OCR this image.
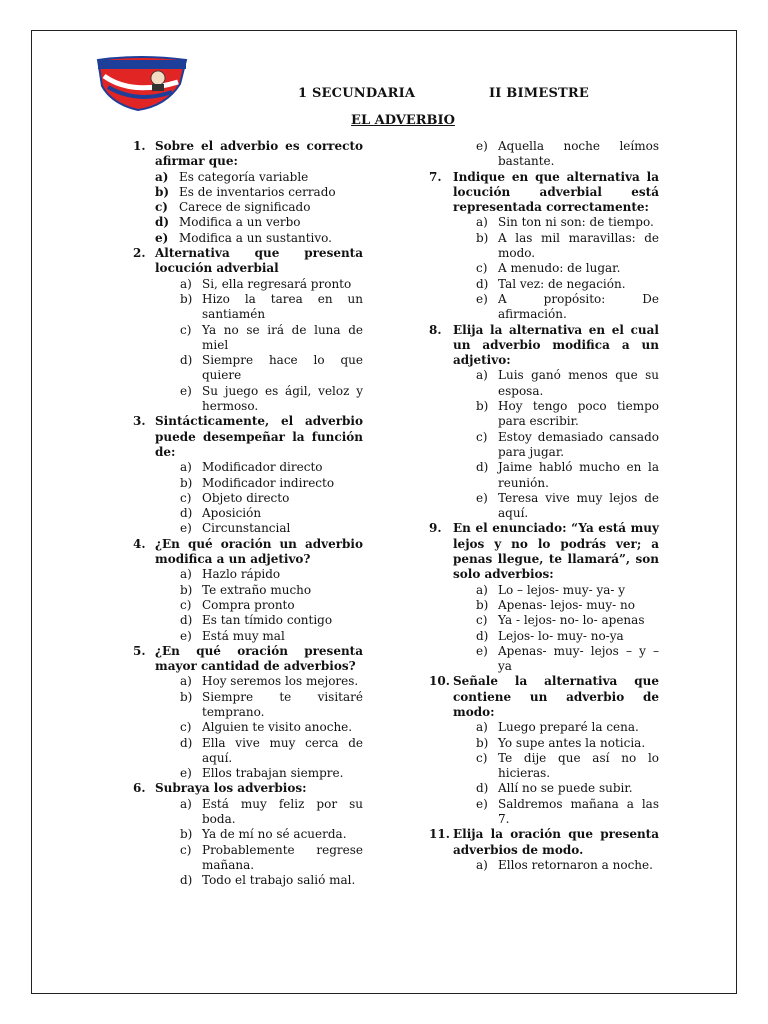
1 SECUNDARIA	II BIMESTRE
EL ADVERBIO
1. Sobre el adverbio es correcto afirmar que:
a) Es categoría variable
b) Es de inventarios cerrado
c) Carece de significado
d) Modifica a un verbo
e) Modifica a un sustantivo.
2. Alternativa que presenta locución adverbial
a) Si, ella regresará pronto
b) Hizo la tarea en un santiamén
c) Ya no se irá de luna de miel
d) Siempre hace lo que quiere
e) Su juego es ágil, veloz y hermoso.
3. Sintácticamente, el adverbio puede desempeñar la función de:
a) Modificador directo
b) Modificador indirecto
c) Objeto directo
d) Aposición
e) Circunstancial
4. ¿En qué oración un adverbio modifica a un adjetivo?
a) Hazlo rápido
b) Te extraño mucho
c) Compra pronto
d) Es tan tímido contigo
e) Está muy mal
5. ¿En qué oración presenta mayor cantidad de adverbios?
a) Hoy seremos los mejores.
b) Siempre te visitaré temprano.
c) Alguien te visito anoche.
d) Ella vive muy cerca de aquí.
e) Ellos trabajan siempre.
6. Subraya los adverbios:
a) Está muy feliz por su boda.
b) Ya de mí no sé acuerda.
c) Probablemente regrese mañana.
d) Todo el trabajo salió mal.
e) Aquella noche leímos bastante.
7. Indique en que alternativa la locución adverbial está representada correctamente:
a) Sin ton ni son: de tiempo.
b) A las mil maravillas: de modo.
c) A menudo: de lugar.
d) Tal vez: de negación.
e) A propósito: De afirmación.
8. Elija la alternativa en el cual un adverbio modifica a un adjetivo:
a) Luis ganó menos que su esposa.
b) Hoy tengo poco tiempo para escribir.
c) Estoy demasiado cansado para jugar.
d) Jaime habló mucho en la reunión.
e) Teresa vive muy lejos de aquí.
9. En el enunciado: “Ya está muy lejos y no lo podrás ver; a penas llegue, te llamará”, son solo adverbios:
a) Lo – lejos- muy- ya- y
b) Apenas- lejos- muy- no
c) Ya - lejos- no- lo- apenas
d) Lejos- lo- muy- no-ya
e) Apenas- muy- lejos – y – ya
10. Señale la alternativa que contiene un adverbio de modo:
a) Luego preparé la cena.
b) Yo supe antes la noticia.
c) Te dije que así no lo hicieras.
d) Allí no se puede subir.
e) Saldremos mañana a las 7.
11. Elija la oración que presenta adverbios de modo.
a) Ellos retornaron a noche.
